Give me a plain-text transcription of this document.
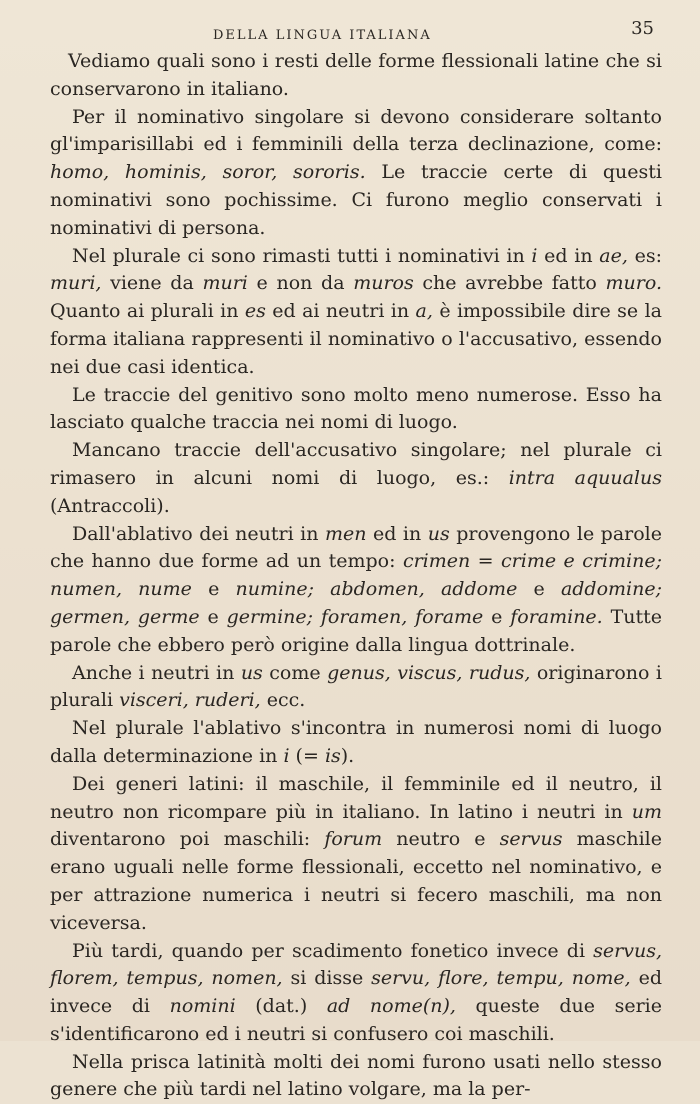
DELLA LINGUA ITALIANA	35

Vediamo quali sono i resti delle forme flessionali latine che si conservarono in italiano.

Per il nominativo singolare si devono considerare soltanto gl'imparisillabi ed i femminili della terza declinazione, come: homo, hominis, soror, sororis. Le traccie certe di questi nominativi sono pochissime. Ci furono meglio conservati i nominativi di persona.

Nel plurale ci sono rimasti tutti i nominativi in i ed in ae, es: muri, viene da muri e non da muros che avrebbe fatto muro. Quanto ai plurali in es ed ai neutri in a, è impossibile dire se la forma italiana rappresenti il nominativo o l'accusativo, essendo nei due casi identica.

Le traccie del genitivo sono molto meno numerose. Esso ha lasciato qualche traccia nei nomi di luogo.

Mancano traccie dell'accusativo singolare; nel plurale ci rimasero in alcuni nomi di luogo, es.: intra aquualus (Antraccoli).

Dall'ablativo dei neutri in men ed in us provengono le parole che hanno due forme ad un tempo: crimen = crime e crimine; numen, nume e numine; abdomen, addome e addomine; germen, germe e germine; foramen, forame e foramine. Tutte parole che ebbero però origine dalla lingua dottrinale.

Anche i neutri in us come genus, viscus, rudus, originarono i plurali visceri, ruderi, ecc.

Nel plurale l'ablativo s'incontra in numerosi nomi di luogo dalla determinazione in i (= is).

Dei generi latini: il maschile, il femminile ed il neutro, il neutro non ricompare più in italiano. In latino i neutri in um diventarono poi maschili: forum neutro e servus maschile erano uguali nelle forme flessionali, eccetto nel nominativo, e per attrazione numerica i neutri si fecero maschili, ma non viceversa.

Più tardi, quando per scadimento fonetico invece di servus, florem, tempus, nomen, si disse servu, flore, tempu, nome, ed invece di nomini (dat.) ad nome(n), queste due serie s'identificarono ed i neutri si confusero coi maschili.

Nella prisca latinità molti dei nomi furono usati nello stesso genere che più tardi nel latino volgare, ma la per-
